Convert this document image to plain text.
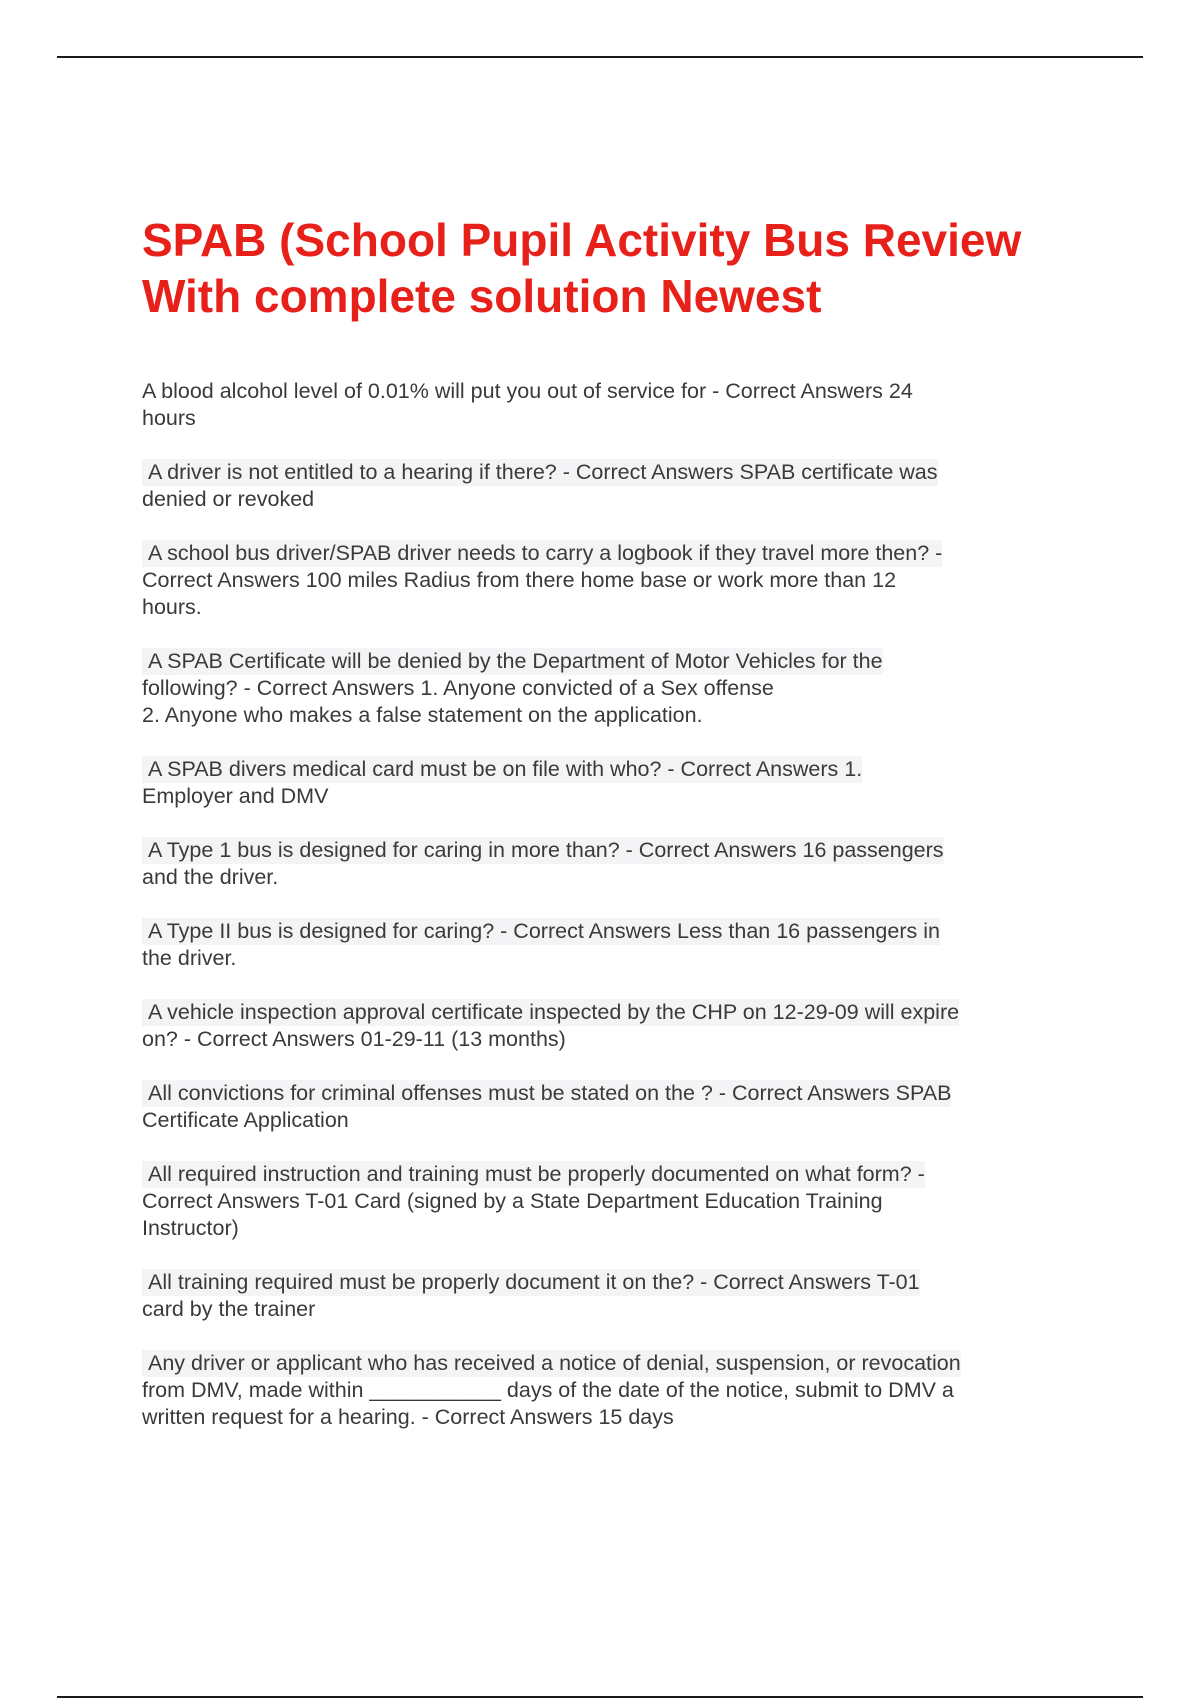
SPAB (School Pupil Activity Bus Review
With complete solution Newest

A blood alcohol level of 0.01% will put you out of service for - Correct Answers 24

hours

A driver is not entitled to a hearing if there? - Correct Answers SPAB certificate was

denied or revoked

A school bus driver/SPAB driver needs to carry a logbook if they travel more then? -

Correct Answers 100 miles Radius from there home base or work more than 12
hours.

A SPAB Certificate will be denied by the Department of Motor Vehicles for the

following? - Correct Answers 1. Anyone convicted of a Sex offense
2. Anyone who makes a false statement on the application.

A SPAB divers medical card must be on file with who? - Correct Answers 1.

Employer and DMV

A Type 1 bus is designed for caring in more than? - Correct Answers 16 passengers

and the driver.

A Type II bus is designed for caring? - Correct Answers Less than 16 passengers in

the driver.

A vehicle inspection approval certificate inspected by the CHP on 12-29-09 will expire

on? - Correct Answers 01-29-11 (13 months)

All convictions for criminal offenses must be stated on the ? - Correct Answers SPAB

Certificate Application

All required instruction and training must be properly documented on what form? -

Correct Answers T-01 Card (signed by a State Department Education Training
Instructor)

All training required must be properly document it on the? - Correct Answers T-01

card by the trainer

Any driver or applicant who has received a notice of denial, suspension, or revocation

from DMV, made within ___________ days of the date of the notice, submit to DMV a
written request for a hearing. - Correct Answers 15 days
